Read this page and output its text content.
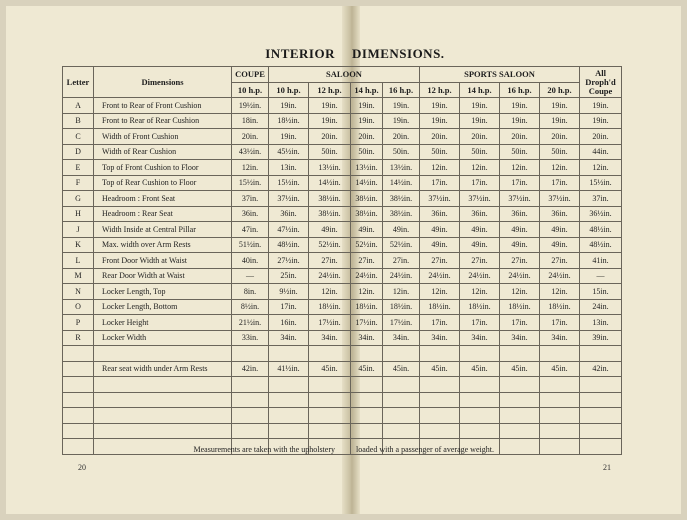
INTERIOR DIMENSIONS.
Letter	Dimensions	COUPE	SALOON				SPORTS SALOON				All Droph'd Coupe
		10 h.p.	10 h.p.	12 h.p.	14 h.p.	16 h.p.	12 h.p.	14 h.p.	16 h.p.	20 h.p.	
A	Front to Rear of Front Cushion	19½in.	19in.	19in.	19in.	19in.	19in.	19in.	19in.	19in.	19in.
B	Front to Rear of Rear Cushion	18in.	18½in.	19in.	19in.	19in.	19in.	19in.	19in.	19in.	19in.
C	Width of Front Cushion	20in.	19in.	20in.	20in.	20in.	20in.	20in.	20in.	20in.	20in.
D	Width of Rear Cushion	43½in.	45½in.	50in.	50in.	50in.	50in.	50in.	50in.	50in.	44in.
E	Top of Front Cushion to Floor	12in.	13in.	13½in.	13½in.	13½in.	12in.	12in.	12in.	12in.	12in.
F	Top of Rear Cushion to Floor	15½in.	15½in.	14½in.	14½in.	14½in.	17in.	17in.	17in.	17in.	15½in.
G	Headroom : Front Seat	37in.	37½in.	38½in.	38½in.	38½in.	37½in.	37½in.	37½in.	37½in.	37in.
H	Headroom : Rear Seat	36in.	36in.	38½in.	38½in.	38½in.	36in.	36in.	36in.	36in.	36½in.
J	Width Inside at Central Pillar	47in.	47½in.	49in.	49in.	49in.	49in.	49in.	49in.	49in.	48½in.
K	Max. width over Arm Rests	51½in.	48½in.	52½in.	52½in.	52½in.	49in.	49in.	49in.	49in.	48½in.
L	Front Door Width at Waist	40in.	27½in.	27in.	27in.	27in.	27in.	27in.	27in.	27in.	41in.
M	Rear Door Width at Waist	—	25in.	24½in.	24½in.	24½in.	24½in.	24½in.	24½in.	24½in.	—
N	Locker Length, Top	8in.	9½in.	12in.	12in.	12in.	12in.	12in.	12in.	12in.	15in.
O	Locker Length, Bottom	8½in.	17in.	18½in.	18½in.	18½in.	18½in.	18½in.	18½in.	18½in.	24in.
P	Locker Height	21½in.	16in.	17½in.	17½in.	17½in.	17in.	17in.	17in.	17in.	13in.
R	Locker Width	33in.	34in.	34in.	34in.	34in.	34in.	34in.	34in.	34in.	39in.

	Rear seat width under Arm Rests	42in.	41½in.	45in.	45in.	45in.	45in.	45in.	45in.	45in.	42in.

Measurements are taken with the upholstery	loaded with a passenger of average weight.
20	21
